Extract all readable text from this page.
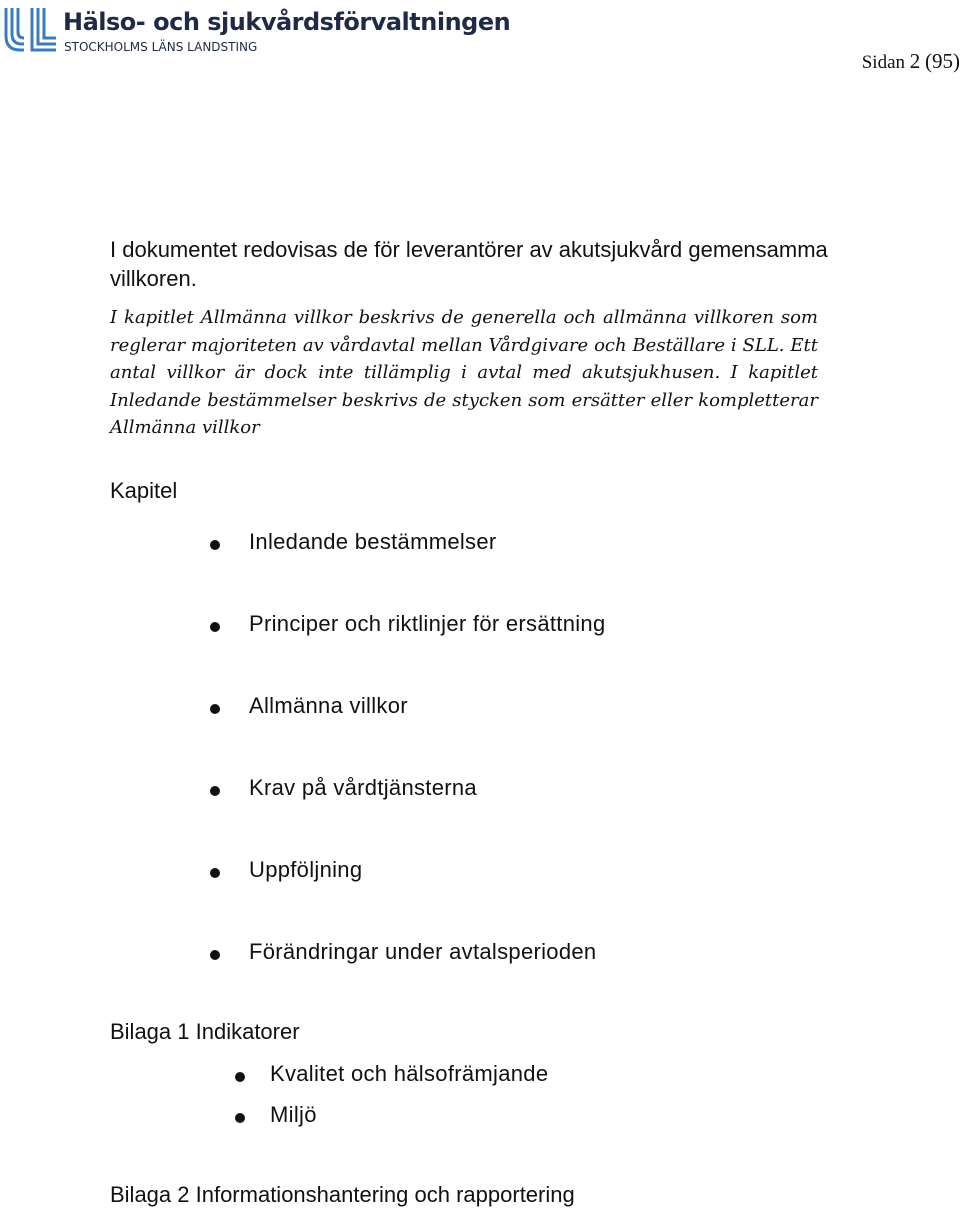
Hälso- och sjukvårdsförvaltningen
STOCKHOLMS LÄNS LANDSTING
Sidan 2 (95)

I dokumentet redovisas de för leverantörer av akutsjukvård gemensamma villkoren.

I kapitlet Allmänna villkor beskrivs de generella och allmänna villkoren som reglerar majoriteten av vårdavtal mellan Vårdgivare och Beställare i SLL. Ett antal villkor är dock inte tillämplig i avtal med akutsjukhusen. I kapitlet Inledande bestämmelser beskrivs de stycken som ersätter eller kompletterar Allmänna villkor

Kapitel
Inledande bestämmelser
Principer och riktlinjer för ersättning
Allmänna villkor
Krav på vårdtjänsterna
Uppföljning
Förändringar under avtalsperioden
Bilaga 1 Indikatorer
Kvalitet och hälsofrämjande
Miljö
Bilaga 2 Informationshantering och rapportering
